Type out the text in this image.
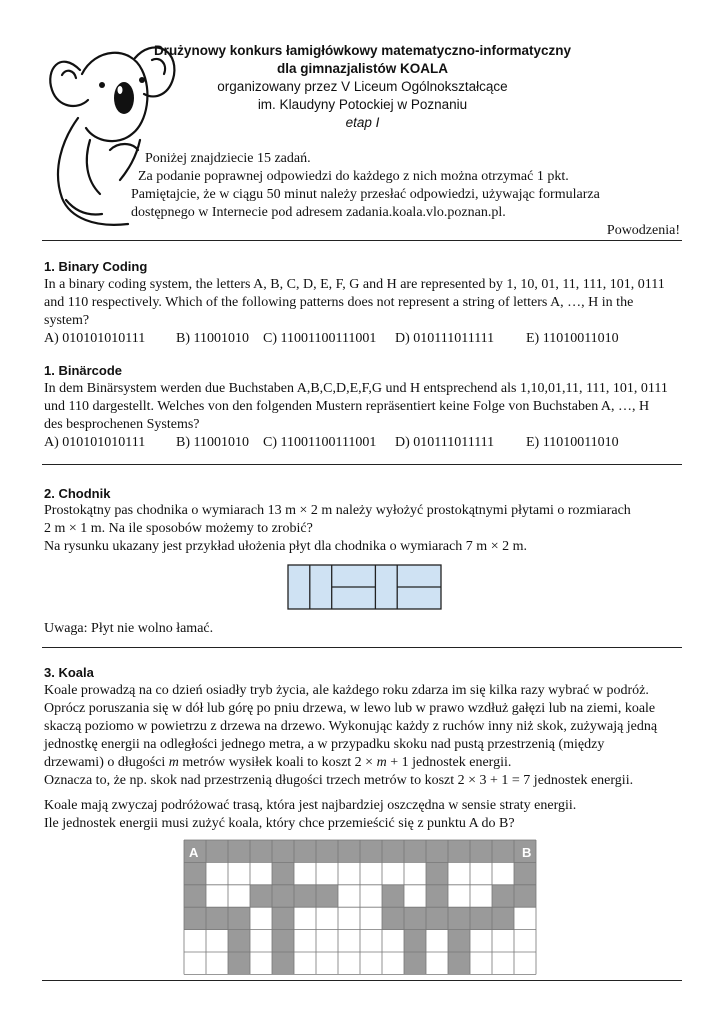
Drużynowy konkurs łamigłówkowy matematyczno-informatyczny
dla gimnazjalistów KOALA
organizowany przez V Liceum Ogólnokształcące
im. Klaudyny Potockiej w Poznaniu
etap I
Poniżej znajdziecie 15 zadań.
Za podanie poprawnej odpowiedzi do każdego z nich można otrzymać 1 pkt.
Pamiętajcie, że w ciągu 50 minut należy przesłać odpowiedzi, używając formularza
dostępnego w Internecie pod adresem zadania.koala.vlo.poznan.pl.
Powodzenia!
1. Binary Coding
In a binary coding system, the letters A, B, C, D, E, F, G and H are represented by 1, 10, 01, 11, 111, 101, 0111
and 110 respectively. Which of the following patterns does not represent a string of letters A, …, H in the
system?
A) 010101010111 B) 11001010 C) 11001100111001 D) 010111011111 E) 11010011010
1. Binärcode
In dem Binärsystem werden due Buchstaben A,B,C,D,E,F,G und H entsprechend als 1,10,01,11, 111, 101, 0111
und 110 dargestellt. Welches von den folgenden Mustern repräsentiert keine Folge von Buchstaben A, …, H
des besprochenen Systems?
A) 010101010111 B) 11001010 C) 11001100111001 D) 010111011111 E) 11010011010
2. Chodnik
Prostokątny pas chodnika o wymiarach 13 m × 2 m należy wyłożyć prostokątnymi płytami o rozmiarach
2 m × 1 m. Na ile sposobów możemy to zrobić?
Na rysunku ukazany jest przykład ułożenia płyt dla chodnika o wymiarach 7 m × 2 m.
Uwaga: Płyt nie wolno łamać.
3. Koala
Koale prowadzą na co dzień osiadły tryb życia, ale każdego roku zdarza im się kilka razy wybrać w podróż.
Oprócz poruszania się w dół lub górę po pniu drzewa, w lewo lub w prawo wzdłuż gałęzi lub na ziemi, koale
skaczą poziomo w powietrzu z drzewa na drzewo. Wykonując każdy z ruchów inny niż skok, zużywają jedną
jednostkę energii na odległości jednego metra, a w przypadku skoku nad pustą przestrzenią (między
drzewami) o długości m metrów wysiłek koali to koszt 2 × m + 1 jednostek energii.
Oznacza to, że np. skok nad przestrzenią długości trzech metrów to koszt 2 × 3 + 1 = 7 jednostek energii.
Koale mają zwyczaj podróżować trasą, która jest najbardziej oszczędna w sensie straty energii.
Ile jednostek energii musi zużyć koala, który chce przemieścić się z punktu A do B?
A	B
